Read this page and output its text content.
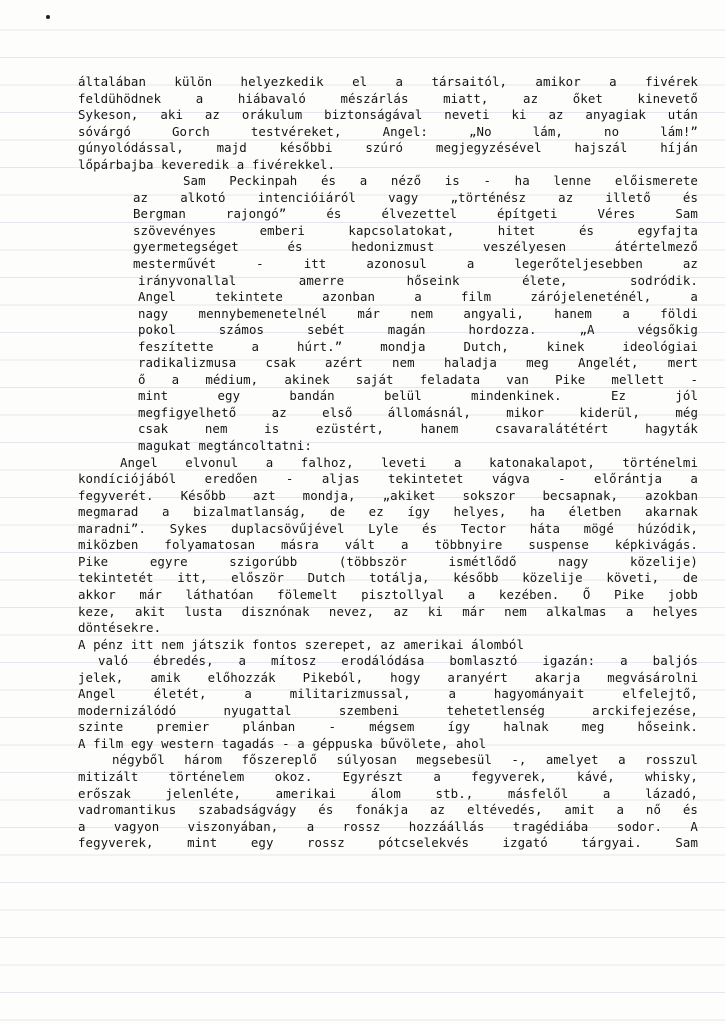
általában külön helyezkedik el a társaitól, amikor a fivérek
feldühödnek a hiábavaló mészárlás miatt, az őket kinevető
Sykeson, aki az orákulum biztonságával neveti ki az anyagiak után
sóvárgó Gorch testvéreket, Angel: „No lám, no lám!”
gúnyolódással, majd későbbi szúró megjegyzésével hajszál híján
lőpárbajba keveredik a fivérekkel.
Sam Peckinpah és a néző is - ha lenne előismerete
az alkotó intencióiáról vagy „történész az illető és
Bergman rajongó” és élvezettel építgeti Véres Sam
szövevényes emberi kapcsolatokat, hitet és egyfajta
gyermetegséget és hedonizmust veszélyesen átértelmező
mesterművét - itt azonosul a legerőteljesebben az
irányvonallal amerre hőseink élete, sodródik.
Angel tekintete azonban a film zárójeleneténél, a
nagy mennybemenetelnél már nem angyali, hanem a földi
pokol számos sebét magán hordozza. „A végsőkig
feszítette a húrt.” mondja Dutch, kinek ideológiai
radikalizmusa csak azért nem haladja meg Angelét, mert
ő a médium, akinek saját feladata van Pike mellett -
mint egy bandán belül mindenkinek. Ez jól
megfigyelhető az első állomásnál, mikor kiderül, még
csak nem is ezüstért, hanem csavaralátétért hagyták
magukat megtáncoltatni:
Angel elvonul a falhoz, leveti a katonakalapot, történelmi
kondíciójából eredően - aljas tekintetet vágva - előrántja a
fegyverét. Később azt mondja, „akiket sokszor becsapnak, azokban
megmarad a bizalmatlanság, de ez így helyes, ha életben akarnak
maradni”. Sykes duplacsövűjével Lyle és Tector háta mögé húzódik,
miközben folyamatosan másra vált a többnyire suspense képkivágás.
Pike egyre szigorúbb (többször ismétlődő nagy közelije)
tekintetét itt, először Dutch totálja, később közelije követi, de
akkor már láthatóan fölemelt pisztollyal a kezében. Ő Pike jobb
keze, akit lusta disznónak nevez, az ki már nem alkalmas a helyes
döntésekre.
A pénz itt nem játszik fontos szerepet, az amerikai álomból
való ébredés, a mítosz erodálódása bomlasztó igazán: a baljós
jelek, amik előhozzák Pikeból, hogy aranyért akarja megvásárolni
Angel életét, a militarizmussal, a hagyományait elfelejtő,
modernizálódó nyugattal szembeni tehetetlenség arckifejezése,
szinte premier plánban - mégsem így halnak meg hőseink.
A film egy western tagadás - a géppuska bűvölete, ahol
négyből három főszereplő súlyosan megsebesül -, amelyet a rosszul
mitizált történelem okoz. Egyrészt a fegyverek, kávé, whisky,
erőszak jelenléte, amerikai álom stb., másfelől a lázadó,
vadromantikus szabadságvágy és fonákja az eltévedés, amit a nő és
a vagyon viszonyában, a rossz hozzáállás tragédiába sodor. A
fegyverek, mint egy rossz pótcselekvés izgató tárgyai. Sam
